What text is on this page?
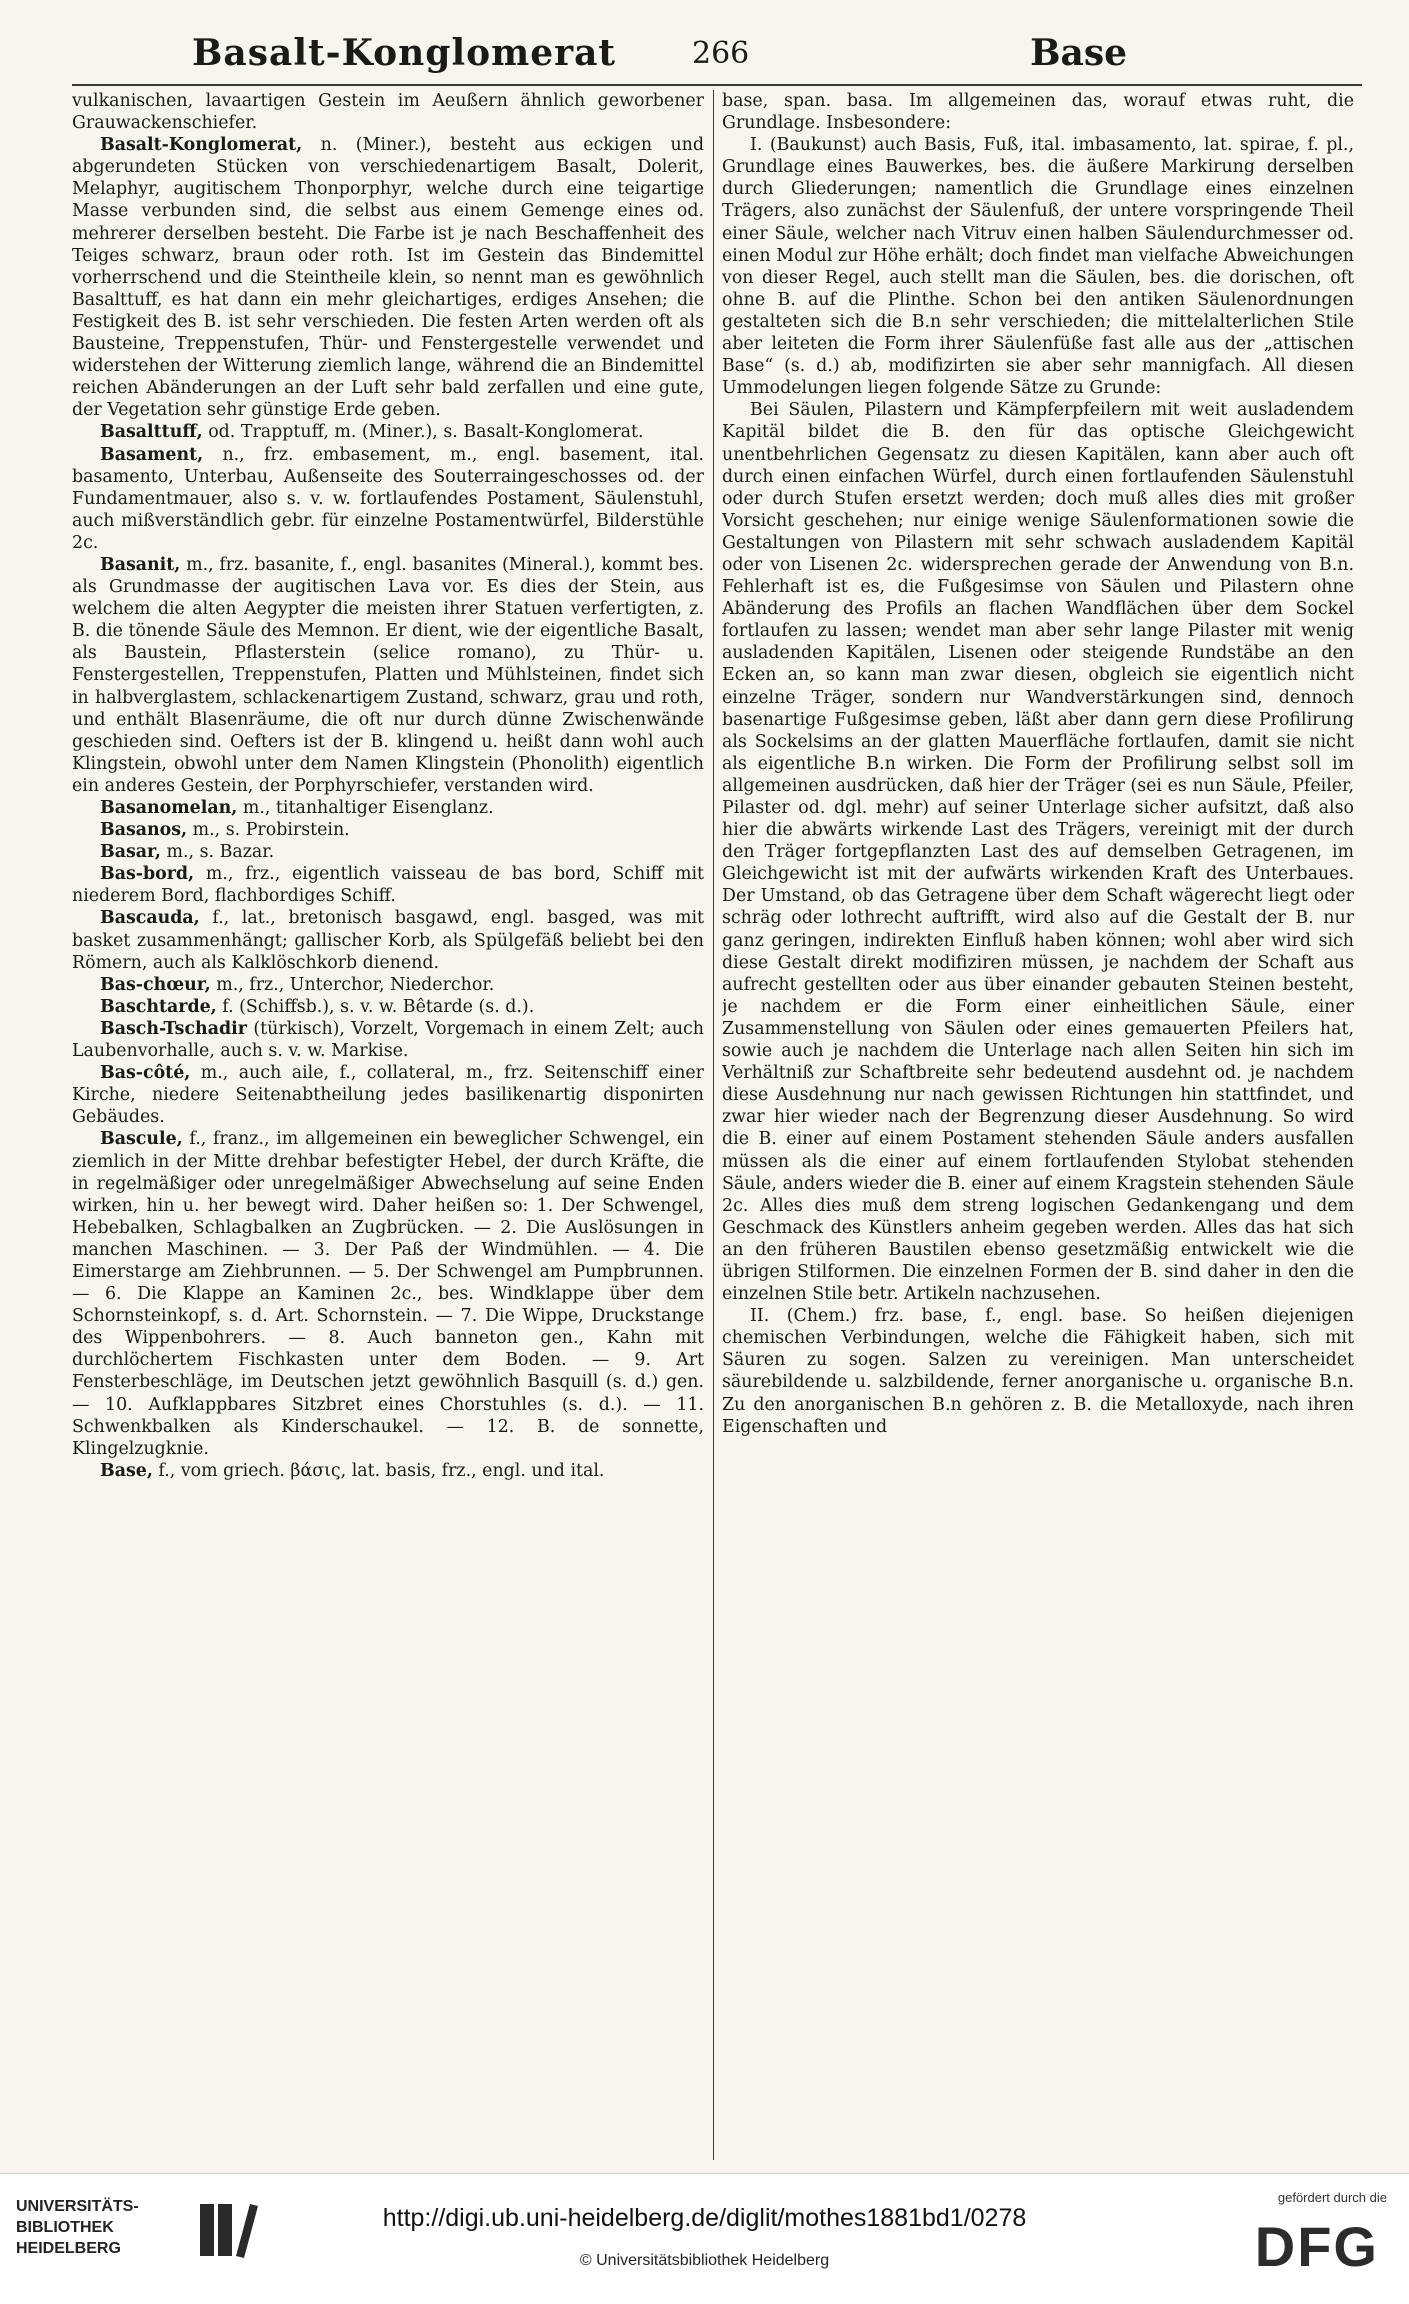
Basalt-Konglomerat	266	Base

vulkanischen, lavaartigen Gestein im Aeußern ähnlich geworbener Grauwackenschiefer.

Basalt-Konglomerat, n. (Miner.), besteht aus eckigen und abgerundeten Stücken von verschiedenartigem Basalt, Dolerit, Melaphyr, augitischem Thonporphyr, welche durch eine teigartige Masse verbunden sind, die selbst aus einem Gemenge eines od. mehrerer derselben besteht. Die Farbe ist je nach Beschaffenheit des Teiges schwarz, braun oder roth. Ist im Gestein das Bindemittel vorherrschend und die Steintheile klein, so nennt man es gewöhnlich Basalttuff, es hat dann ein mehr gleichartiges, erdiges Ansehen; die Festigkeit des B. ist sehr verschieden. Die festen Arten werden oft als Bausteine, Treppenstufen, Thür- und Fenstergestelle verwendet und widerstehen der Witterung ziemlich lange, während die an Bindemittel reichen Abänderungen an der Luft sehr bald zerfallen und eine gute, der Vegetation sehr günstige Erde geben.

Basalttuff, od. Trapptuff, m. (Miner.), s. Basalt-Konglomerat.

Basament, n., frz. embasement, m., engl. basement, ital. basamento, Unterbau, Außenseite des Souterraingeschosses od. der Fundamentmauer, also s. v. w. fortlaufendes Postament, Säulenstuhl, auch mißverständlich gebr. für einzelne Postamentwürfel, Bilderstühle 2c.

Basanit, m., frz. basanite, f., engl. basanites (Mineral.), kommt bes. als Grundmasse der augitischen Lava vor. Es dies der Stein, aus welchem die alten Aegypter die meisten ihrer Statuen verfertigten, z. B. die tönende Säule des Memnon. Er dient, wie der eigentliche Basalt, als Baustein, Pflasterstein (selice romano), zu Thür- u. Fenstergestellen, Treppenstufen, Platten und Mühlsteinen, findet sich in halbverglastem, schlackenartigem Zustand, schwarz, grau und roth, und enthält Blasenräume, die oft nur durch dünne Zwischenwände geschieden sind. Oefters ist der B. klingend u. heißt dann wohl auch Klingstein, obwohl unter dem Namen Klingstein (Phonolith) eigentlich ein anderes Gestein, der Porphyrschiefer, verstanden wird.

Basanomelan, m., titanhaltiger Eisenglanz.

Basanos, m., s. Probirstein.

Basar, m., s. Bazar.

Bas-bord, m., frz., eigentlich vaisseau de bas bord, Schiff mit niederem Bord, flachbordiges Schiff.

Bascauda, f., lat., bretonisch basgawd, engl. basged, was mit basket zusammenhängt; gallischer Korb, als Spülgefäß beliebt bei den Römern, auch als Kalklöschkorb dienend.

Bas-chœur, m., frz., Unterchor, Niederchor.

Baschtarde, f. (Schiffsb.), s. v. w. Bêtarde (s. d.).

Basch-Tschadir (türkisch), Vorzelt, Vorgemach in einem Zelt; auch Laubenvorhalle, auch s. v. w. Markise.

Bas-côté, m., auch aile, f., collateral, m., frz. Seitenschiff einer Kirche, niedere Seitenabtheilung jedes basilikenartig disponirten Gebäudes.

Bascule, f., franz., im allgemeinen ein beweglicher Schwengel, ein ziemlich in der Mitte drehbar befestigter Hebel, der durch Kräfte, die in regelmäßiger oder unregelmäßiger Abwechselung auf seine Enden wirken, hin u. her bewegt wird. Daher heißen so: 1. Der Schwengel, Hebebalken, Schlagbalken an Zugbrücken. — 2. Die Auslösungen in manchen Maschinen. — 3. Der Paß der Windmühlen. — 4. Die Eimerstarge am Ziehbrunnen. — 5. Der Schwengel am Pumpbrunnen. — 6. Die Klappe an Kaminen 2c., bes. Windklappe über dem Schornsteinkopf, s. d. Art. Schornstein. — 7. Die Wippe, Druckstange des Wippenbohrers. — 8. Auch banneton gen., Kahn mit durchlöchertem Fischkasten unter dem Boden. — 9. Art Fensterbeschläge, im Deutschen jetzt gewöhnlich Basquill (s. d.) gen. — 10. Aufklappbares Sitzbret eines Chorstuhles (s. d.). — 11. Schwenkbalken als Kinderschaukel. — 12. B. de sonnette, Klingelzugknie.

Base, f., vom griech. βάσις, lat. basis, frz., engl. und ital.

base, span. basa. Im allgemeinen das, worauf etwas ruht, die Grundlage. Insbesondere:

I. (Baukunst) auch Basis, Fuß, ital. imbasamento, lat. spirae, f. pl., Grundlage eines Bauwerkes, bes. die äußere Markirung derselben durch Gliederungen; namentlich die Grundlage eines einzelnen Trägers, also zunächst der Säulenfuß, der untere vorspringende Theil einer Säule, welcher nach Vitruv einen halben Säulendurchmesser od. einen Modul zur Höhe erhält; doch findet man vielfache Abweichungen von dieser Regel, auch stellt man die Säulen, bes. die dorischen, oft ohne B. auf die Plinthe. Schon bei den antiken Säulenordnungen gestalteten sich die B.n sehr verschieden; die mittelalterlichen Stile aber leiteten die Form ihrer Säulenfüße fast alle aus der „attischen Base“ (s. d.) ab, modifizirten sie aber sehr mannigfach. All diesen Ummodelungen liegen folgende Sätze zu Grunde:

Bei Säulen, Pilastern und Kämpferpfeilern mit weit ausladendem Kapitäl bildet die B. den für das optische Gleichgewicht unentbehrlichen Gegensatz zu diesen Kapitälen, kann aber auch oft durch einen einfachen Würfel, durch einen fortlaufenden Säulenstuhl oder durch Stufen ersetzt werden; doch muß alles dies mit großer Vorsicht geschehen; nur einige wenige Säulenformationen sowie die Gestaltungen von Pilastern mit sehr schwach ausladendem Kapitäl oder von Lisenen 2c. widersprechen gerade der Anwendung von B.n. Fehlerhaft ist es, die Fußgesimse von Säulen und Pilastern ohne Abänderung des Profils an flachen Wandflächen über dem Sockel fortlaufen zu lassen; wendet man aber sehr lange Pilaster mit wenig ausladenden Kapitälen, Lisenen oder steigende Rundstäbe an den Ecken an, so kann man zwar diesen, obgleich sie eigentlich nicht einzelne Träger, sondern nur Wandverstärkungen sind, dennoch basenartige Fußgesimse geben, läßt aber dann gern diese Profilirung als Sockelsims an der glatten Mauerfläche fortlaufen, damit sie nicht als eigentliche B.n wirken. Die Form der Profilirung selbst soll im allgemeinen ausdrücken, daß hier der Träger (sei es nun Säule, Pfeiler, Pilaster od. dgl. mehr) auf seiner Unterlage sicher aufsitzt, daß also hier die abwärts wirkende Last des Trägers, vereinigt mit der durch den Träger fortgepflanzten Last des auf demselben Getragenen, im Gleichgewicht ist mit der aufwärts wirkenden Kraft des Unterbaues. Der Umstand, ob das Getragene über dem Schaft wägerecht liegt oder schräg oder lothrecht auftrifft, wird also auf die Gestalt der B. nur ganz geringen, indirekten Einfluß haben können; wohl aber wird sich diese Gestalt direkt modifiziren müssen, je nachdem der Schaft aus aufrecht gestellten oder aus über einander gebauten Steinen besteht, je nachdem er die Form einer einheitlichen Säule, einer Zusammenstellung von Säulen oder eines gemauerten Pfeilers hat, sowie auch je nachdem die Unterlage nach allen Seiten hin sich im Verhältniß zur Schaftbreite sehr bedeutend ausdehnt od. je nachdem diese Ausdehnung nur nach gewissen Richtungen hin stattfindet, und zwar hier wieder nach der Begrenzung dieser Ausdehnung. So wird die B. einer auf einem Postament stehenden Säule anders ausfallen müssen als die einer auf einem fortlaufenden Stylobat stehenden Säule, anders wieder die B. einer auf einem Kragstein stehenden Säule 2c. Alles dies muß dem streng logischen Gedankengang und dem Geschmack des Künstlers anheim gegeben werden. Alles das hat sich an den früheren Baustilen ebenso gesetzmäßig entwickelt wie die übrigen Stilformen. Die einzelnen Formen der B. sind daher in den die einzelnen Stile betr. Artikeln nachzusehen.

II. (Chem.) frz. base, f., engl. base. So heißen diejenigen chemischen Verbindungen, welche die Fähigkeit haben, sich mit Säuren zu sogen. Salzen zu vereinigen. Man unterscheidet säurebildende u. salzbildende, ferner anorganische u. organische B.n. Zu den anorganischen B.n gehören z. B. die Metalloxyde, nach ihren Eigenschaften und

UNIVERSITÄTS-
BIBLIOTHEK
HEIDELBERG
http://digi.ub.uni-heidelberg.de/diglit/mothes1881bd1/0278
© Universitätsbibliothek Heidelberg
gefördert durch die
DFG
